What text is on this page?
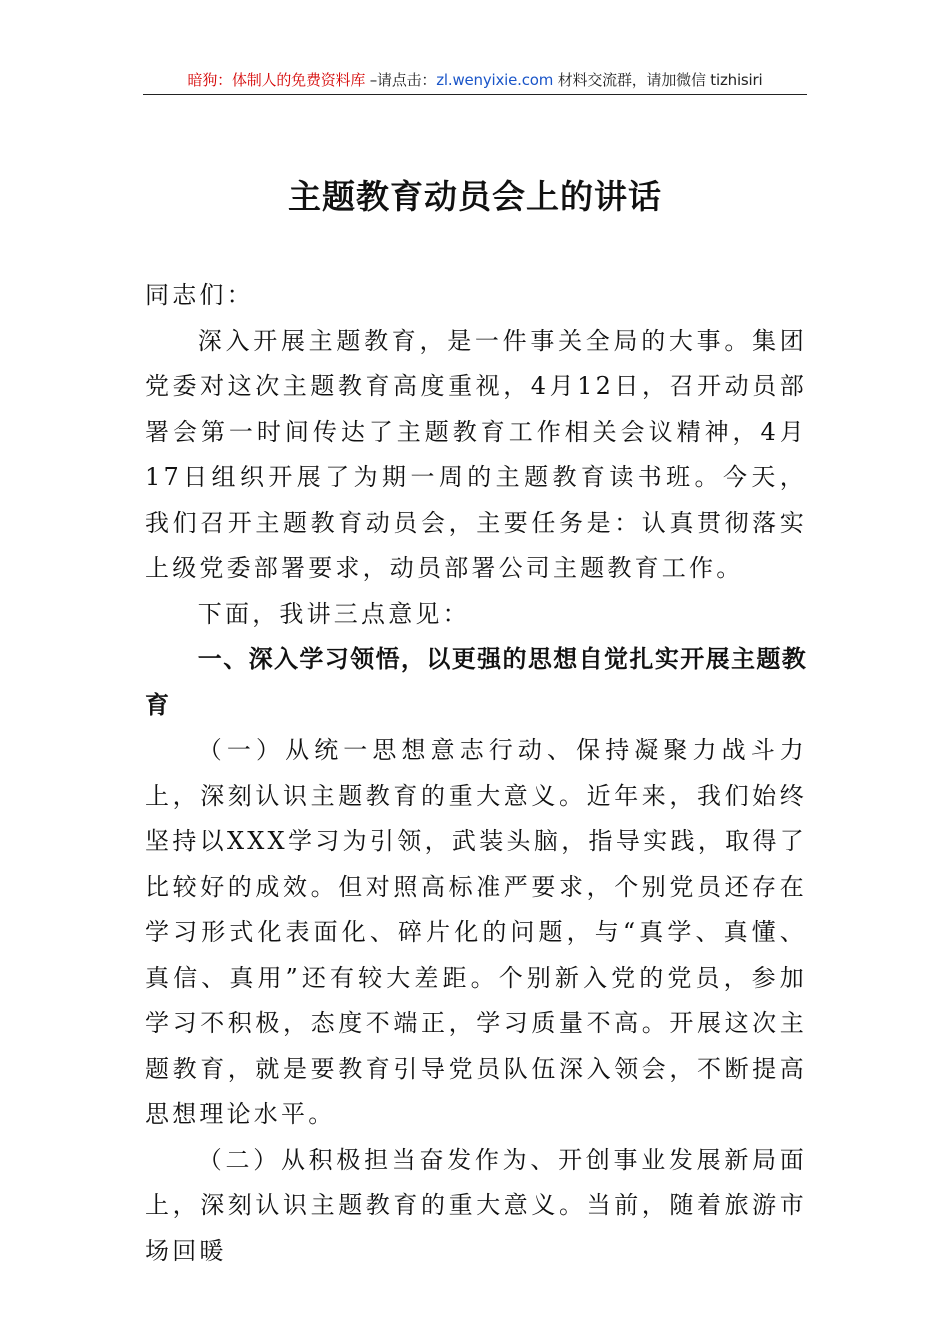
暗狗：体制人的免费资料库 –请点击：zl.wenyixie.com 材料交流群，请加微信 tizhisiri
主题教育动员会上的讲话

同志们：

深入开展主题教育，是一件事关全局的大事。集团党委对这次主题教育高度重视，4月12日，召开动员部署会第一时间传达了主题教育工作相关会议精神，4月17日组织开展了为期一周的主题教育读书班。今天，我们召开主题教育动员会，主要任务是：认真贯彻落实上级党委部署要求，动员部署公司主题教育工作。

下面，我讲三点意见：

一、深入学习领悟，以更强的思想自觉扎实开展主题教育

（一）从统一思想意志行动、保持凝聚力战斗力上，深刻认识主题教育的重大意义。近年来，我们始终坚持以XXX学习为引领，武装头脑，指导实践，取得了比较好的成效。但对照高标准严要求，个别党员还存在学习形式化表面化、碎片化的问题，与“真学、真懂、真信、真用”还有较大差距。个别新入党的党员，参加学习不积极，态度不端正，学习质量不高。开展这次主题教育，就是要教育引导党员队伍深入领会，不断提高思想理论水平。

（二）从积极担当奋发作为、开创事业发展新局面上，深刻认识主题教育的重大意义。当前，随着旅游市场回暖
